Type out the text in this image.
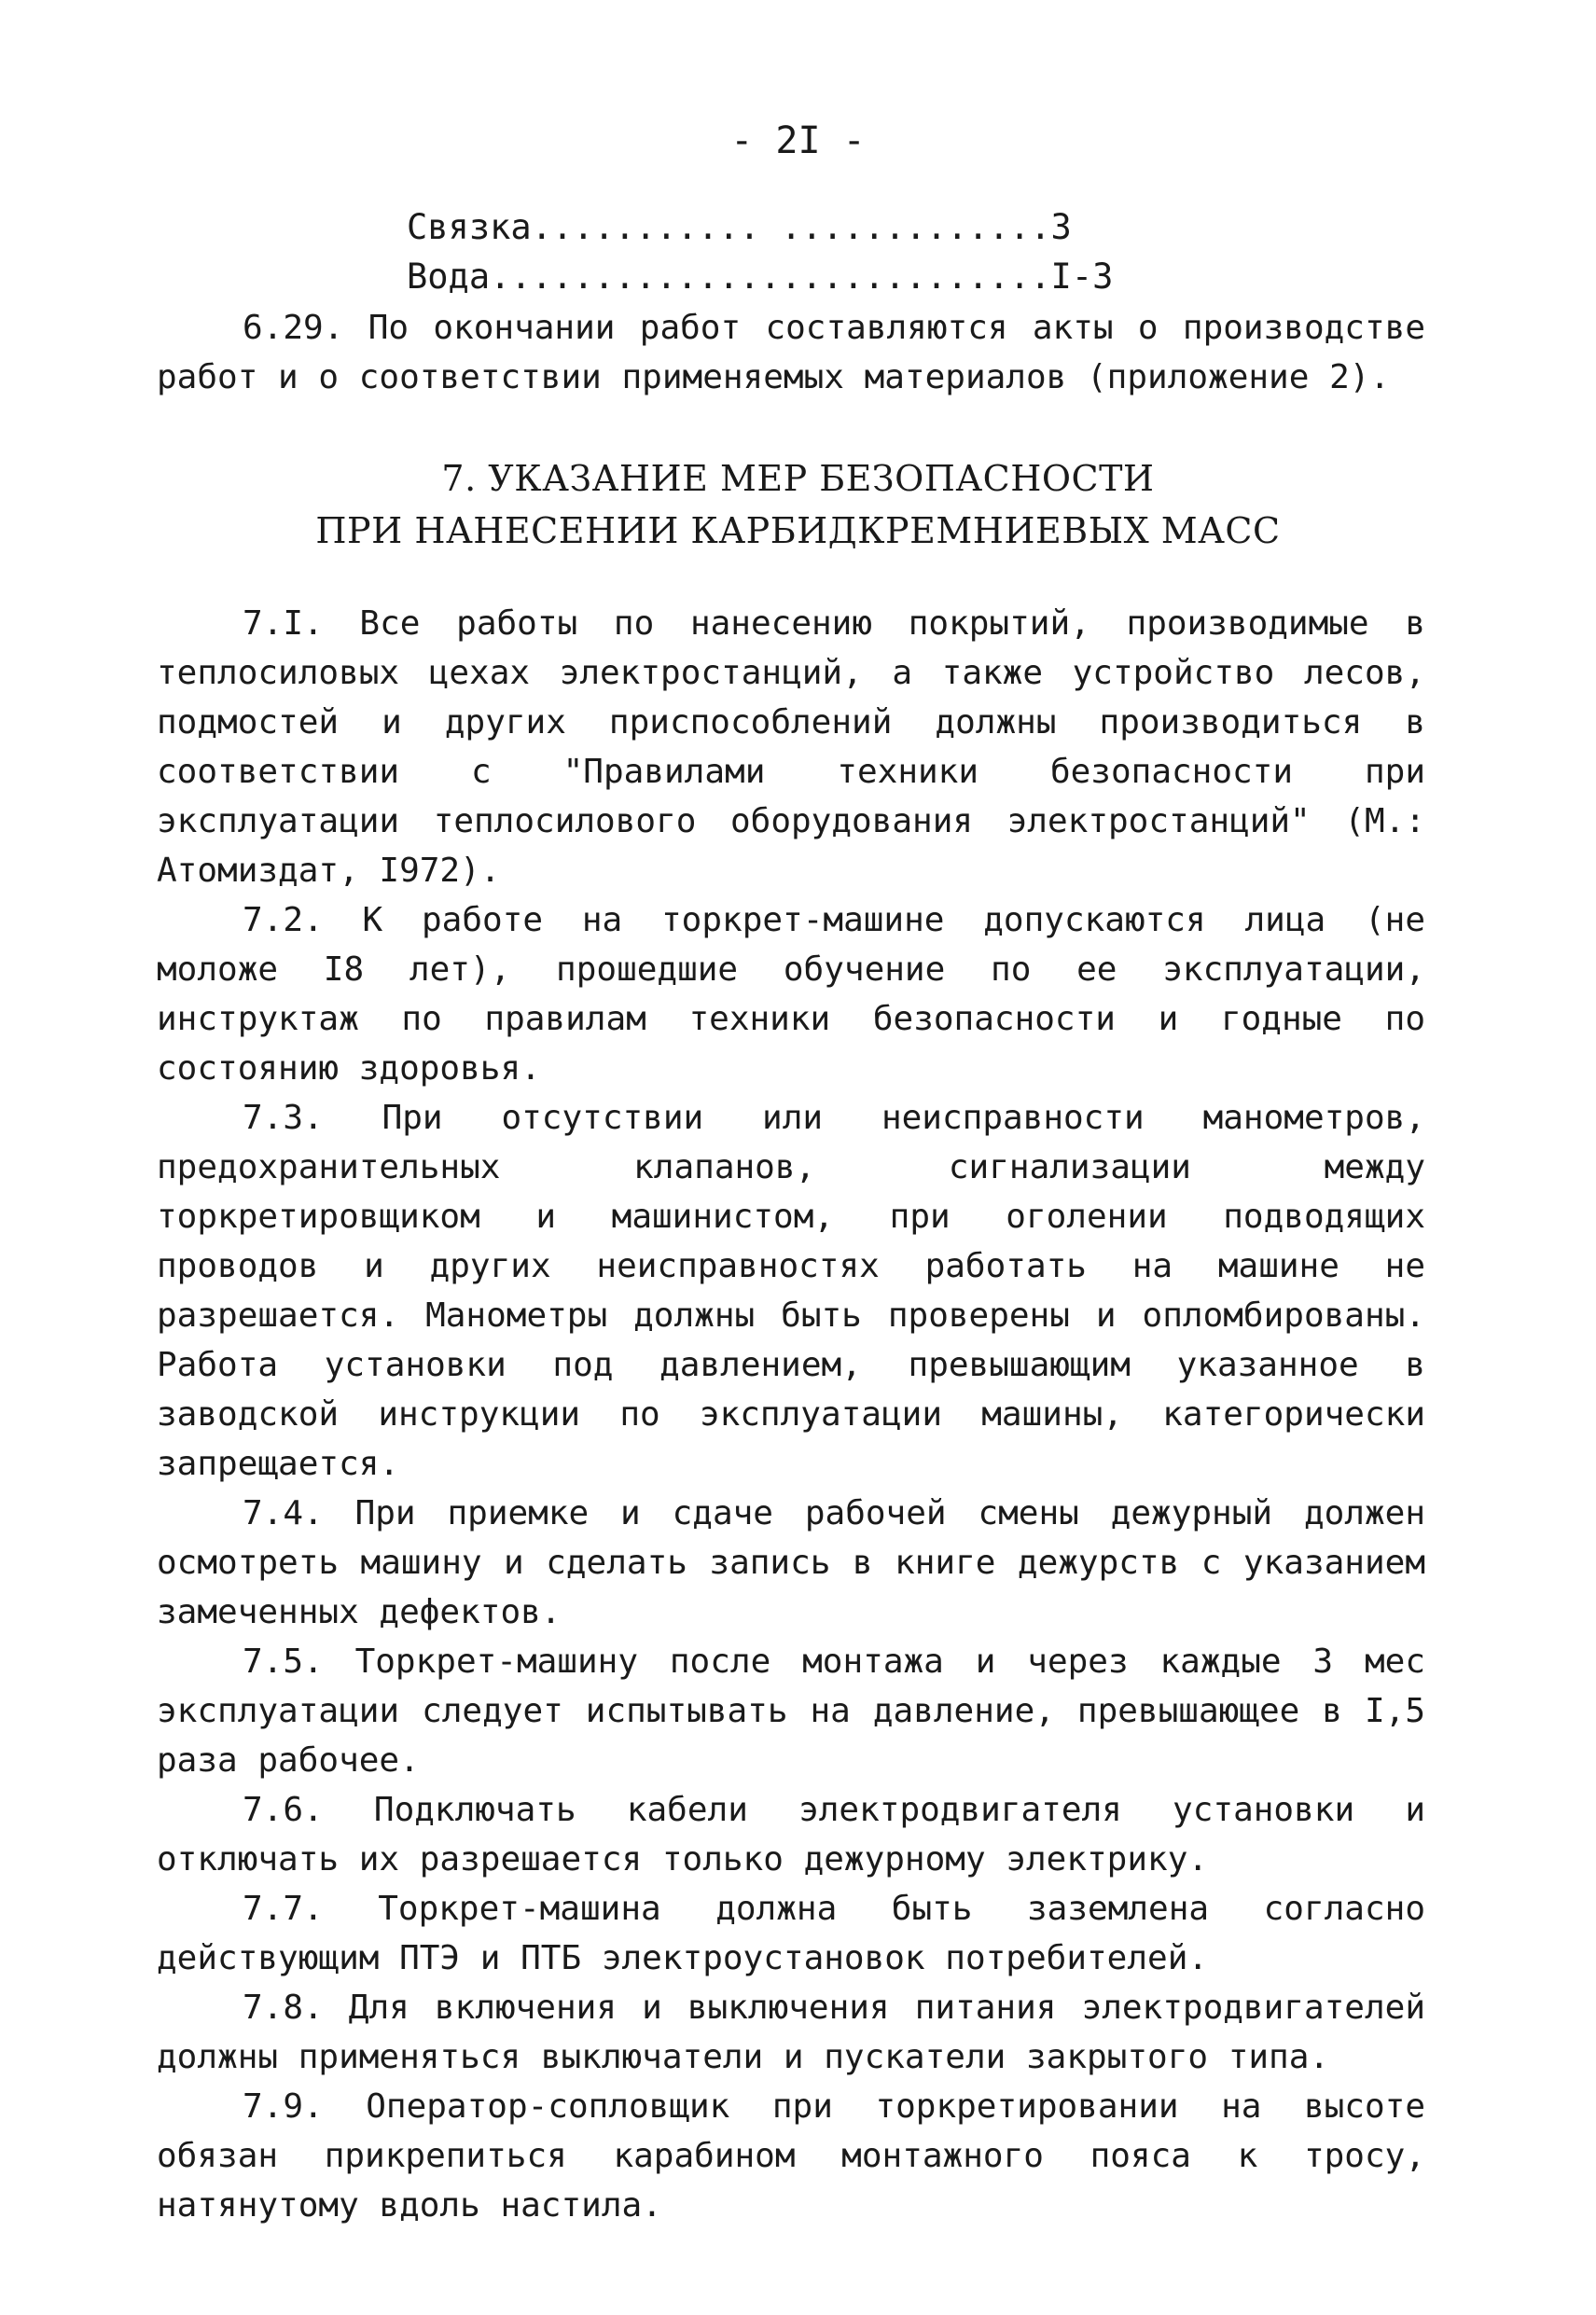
- 2I -
Связка........... .............3
Вода...........................I-3

6.29. По окончании работ составляются акты о производстве работ и о соответствии применяемых материалов (приложение 2).

7. УКАЗАНИЕ МЕР БЕЗОПАСНОСТИ
ПРИ НАНЕСЕНИИ КАРБИДКРЕМНИЕВЫХ МАСС

7.I. Все работы по нанесению покрытий, производимые в теплосиловых цехах электростанций, а также устройство лесов, подмостей и других приспособлений должны производиться в соответствии с "Правилами техники безопасности при эксплуатации теплосилового оборудования электростанций" (М.: Атомиздат, I972).

7.2. К работе на торкрет-машине допускаются лица (не моложе I8 лет), прошедшие обучение по ее эксплуатации, инструктаж по правилам техники безопасности и годные по состоянию здоровья.

7.3. При отсутствии или неисправности манометров, предохранительных клапанов, сигнализации между торкретировщиком и машинистом, при оголении подводящих проводов и других неисправностях работать на машине не разрешается. Манометры должны быть проверены и опломбированы. Работа установки под давлением, превышающим указанное в заводской инструкции по эксплуатации машины, категорически запрещается.

7.4. При приемке и сдаче рабочей смены дежурный должен осмотреть машину и сделать запись в книге дежурств с указанием замеченных дефектов.

7.5. Торкрет-машину после монтажа и через каждые 3 мес эксплуатации следует испытывать на давление, превышающее в I,5 раза рабочее.

7.6. Подключать кабели электродвигателя установки и отключать их разрешается только дежурному электрику.

7.7. Торкрет-машина должна быть заземлена согласно действующим ПТЭ и ПТБ электроустановок потребителей.

7.8. Для включения и выключения питания электродвигателей должны применяться выключатели и пускатели закрытого типа.

7.9. Оператор-сопловщик при торкретировании на высоте обязан прикрепиться карабином монтажного пояса к тросу, натянутому вдоль настила.
